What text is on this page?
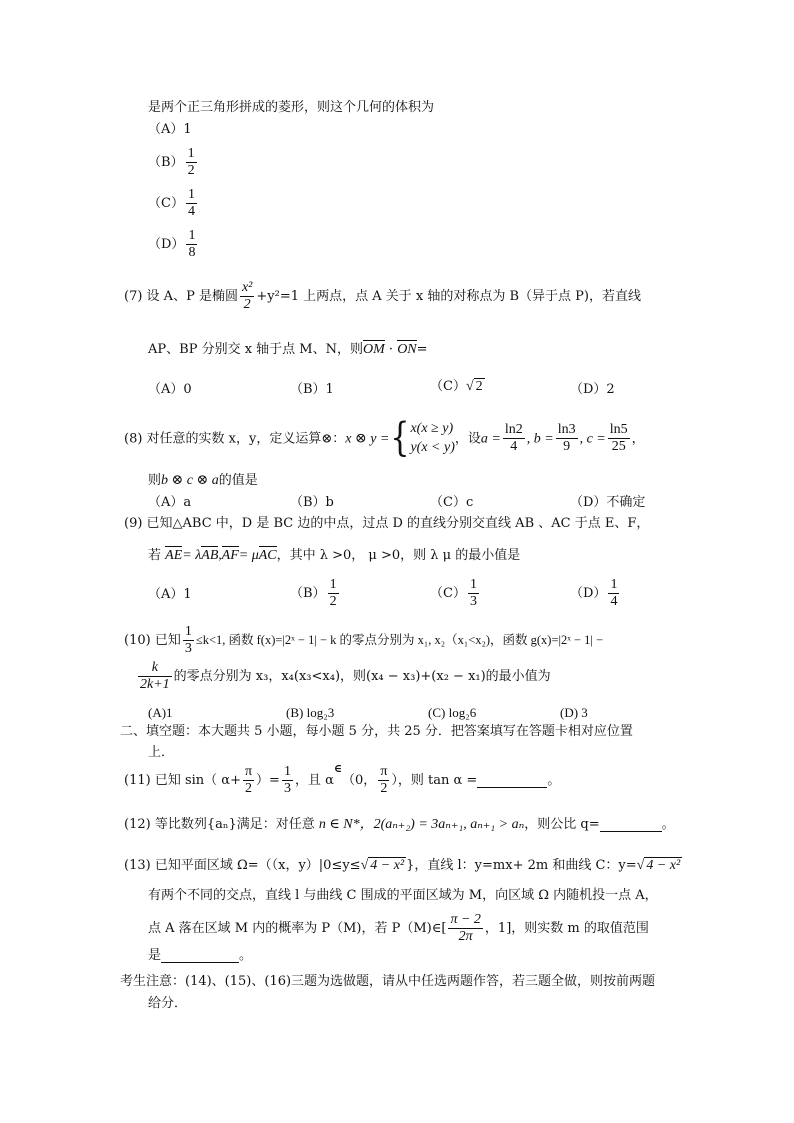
是两个正三角形拼成的菱形，则这个几何的体积为
（A）1
$(B) \frac{1}{2}$
$(C) \frac{1}{4}$
$(D) \frac{1}{8}$
(7) 设 A、P 是椭圆 $\frac{\text{x²}}{2} +y^2=1$ 上两点，点 A 关于 x 轴的对称点为 B（异于点 P)，若直线
AP、BP 分别交 x 轴于点 M、N，则OM · ON=
（A）0	（B）1	（C）√ 2	（D）2
(8) 对任意的实数 x，y，定义运算⊗：x ⊗ y ={ x(x ≥ y)
y(x < y)
，设$a = \frac{\ln 2}{4}$ , $b = \frac{\ln 3}{9}$ , $c = \frac{\ln 5}{25}$ ，
则b ⊗ c ⊗ a的值是
（A）a	（B）b	（C）c	（D）不确定
(9) 已知△ABC 中，D 是 BC 边的中点，过点 D 的直线分别交直线 AB 、AC 于点 E、F，
若 AE= λAB,AF= μAC，其中 λ >0， μ >0，则 λ μ 的最小值是
（A）1	$(B) \frac{1}{2}$	$(C) \frac{1}{3}$	$(D) \frac{1}{4}$
(10) 已知 $\frac{1}{3} \le k<1$, 函数 f(x)=|2ˣ − 1| − k 的零点分别为 x₁, x₂（x₁<x₂)，函数 g(x)=|2ˣ − 1| −
$\frac{k}{2k+1}$ 的零点分别为 x₃，x₄(x₃<x₄)，则(x₄ − x₃)+(x₂ − x₁)的最小值为
(A)1	(B) log₂3	(C) log₂6	(D) 3
二、填空题：本大题共 5 小题，每小题 5 分，共 25 分．把答案填写在答题卡相对应位置
上．
(11) 已知 sin（ $\alpha+ \frac{\pi}{2}$ ）= $\frac{1}{3}$ ，且 α∈（0， $\frac{\pi}{2}$ ），则 tan α =	。
(12) 等比数列{aₙ}满足：对任意 n ∈ N*，2(aₙ₊₂) = 3aₙ₊₁, aₙ₊₁ > aₙ，则公比 q=	。
(13) 已知平面区域 Ω=（（x，y）|0≤y≤√ 4 − x² }，直线 l：y=mx+ 2m 和曲线 C：y=√ 4 − x²
有两个不同的交点，直线 l 与曲线 C 围成的平面区域为 M，向区域 Ω 内随机投一点 A，
点 A 落在区域 M 内的概率为 P（M)，若 P（M)∈[ $\frac{\pi - 2}{2\pi}$ ，1]，则实数 m 的取值范围
是	。
考生注意：(14)、(15)、(16)三题为选做题，请从中任选两题作答，若三题全做，则按前两题
给分．
